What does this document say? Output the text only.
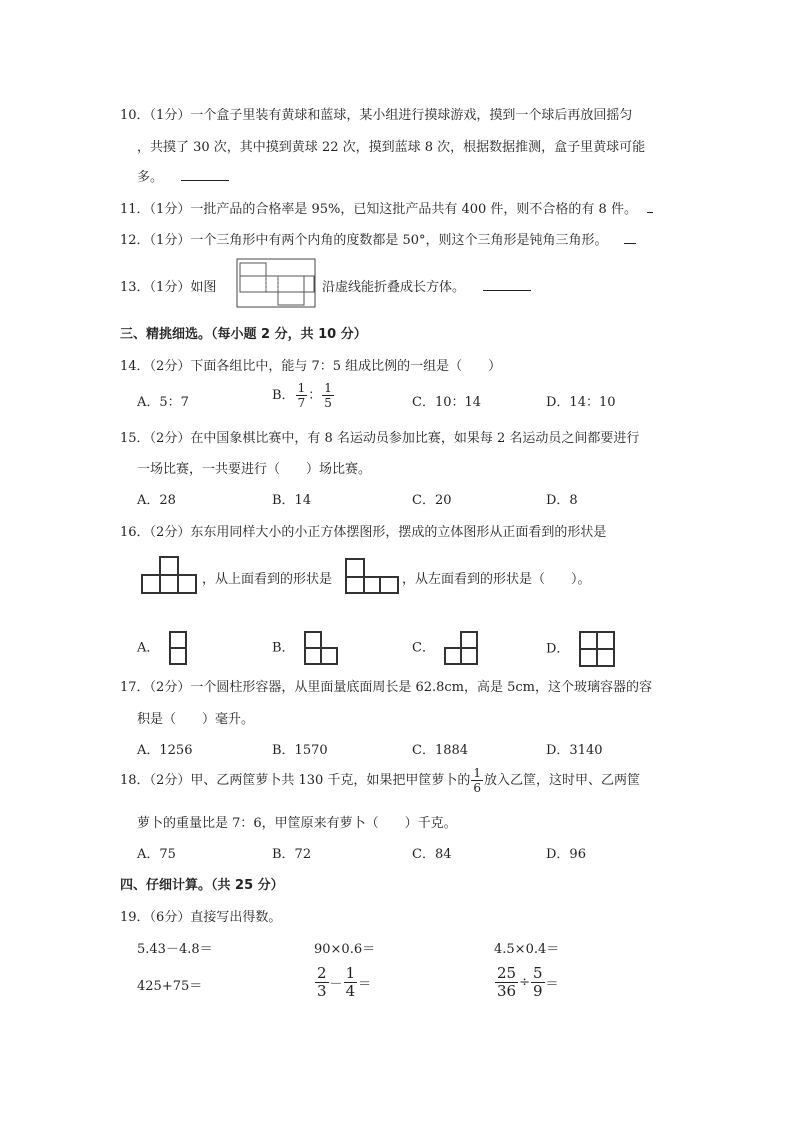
10．（1分）一个盒子里装有黄球和蓝球，某小组进行摸球游戏，摸到一个球后再放回摇匀
，共摸了 30 次，其中摸到黄球 22 次，摸到蓝球 8 次，根据数据推测，盒子里黄球可能
多。
11．（1分）一批产品的合格率是 95%，已知这批产品共有 400 件，则不合格的有 8 件。
12．（1分）一个三角形中有两个内角的度数都是 50°，则这个三角形是钝角三角形。
13．（1分）如图	沿虚线能折叠成长方体。
三、精挑细选。（每小题 2 分，共 10 分）
14．（2分）下面各组比中，能与 7：5 组成比例的一组是（　　）
A．5：7	B． $\frac{1}{7}$ ： $\frac{1}{5}$	C．10：14	D．14：10
15．（2分）在中国象棋比赛中，有 8 名运动员参加比赛，如果每 2 名运动员之间都要进行
一场比赛，一共要进行（　　）场比赛。
A．28	B．14	C．20	D．8
16．（2分）东东用同样大小的小正方体摆图形，摆成的立体图形从正面看到的形状是
，从上面看到的形状是	，从左面看到的形状是（　　）。
A．	B．	C．	D．
17．（2分）一个圆柱形容器，从里面量底面周长是 62.8cm，高是 5cm，这个玻璃容器的容
积是（　　）毫升。
A．1256	B．1570	C．1884	D．3140
18．（2分）甲、乙两筐萝卜共 130 千克，如果把甲筐萝卜的 $\frac{1}{6}$ 放入乙筐，这时甲、乙两筐
萝卜的重量比是 7：6，甲筐原来有萝卜（　　）千克。
A．75	B．72	C．84	D．96
四、仔细计算。（共 25 分）
19．（6分）直接写出得数。
5.43－4.8＝	90×0.6＝	4.5×0.4＝
425+75＝	$\frac{2}{3} - \frac{1}{4}$ ＝	$\frac{25}{36} \div \frac{5}{9}$ ＝
